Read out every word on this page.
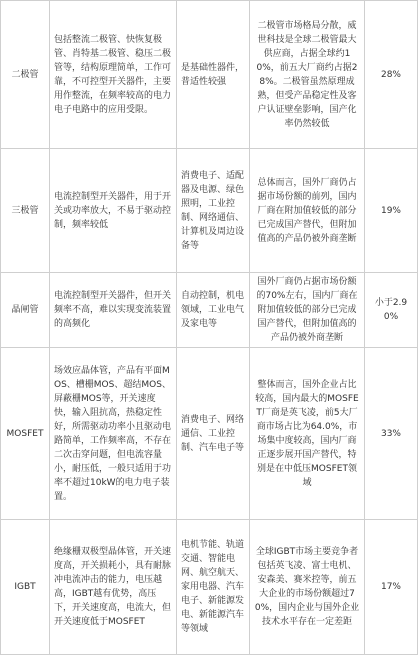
二极管	包括整流二极管、快恢复极管、肖特基二极管、稳压二极管等，结构原理简单，工作可靠，不可控型开关器件，主要用作整流，在频率较高的电力电子电路中的应用受限。	是基础性器件，普适性较强	二极管市场格局分散，威世科技是全球二极管最大供应商，占据全球约10%，前五大厂商约占据28%。二极管虽然原理成熟，但受产品稳定性及客户认证壁垒影响，国产化率仍然较低	28%
三极管	电流控制型开关器件，用于开关或功率放大，不易于驱动控制，频率较低	消费电子、适配器及电源、绿色照明，工业控制、网络通信、计算机及周边设备等	总体而言，国外厂商仍占据市场份额的前列，国内厂商在附加值较低的部分已完成国产替代，但附加值高的产品仍被外商垄断	19%
晶闸管	电流控制型开关器件，但开关频率不高，难以实现变流装置的高频化	自动控制，机电领域，工业电气及家电等	国外厂商仍占据市场份额的70%左右，国内厂商在附加值较低的部分已完成国产替代，但附加值高的产品仍被外商垄断	小于2.90%
MOSFET	场效应晶体管，产品有平面MOS、槽栅MOS、超结MOS、屏蔽栅MOS等，开关速度快，输入阻抗高，热稳定性好，所需驱动功率小且驱动电路简单，工作频率高，不存在二次击穿问题，但电流容量小，耐压低，一般只适用于功率不超过10kW的电力电子装置。	消费电子、网络通信、工业控制、汽车电子等	整体而言，国外企业占比较高，国内最大的MOSFET厂商是英飞凌，前5大厂商市场占比为64.0%，市场集中度较高，国内厂商正逐步展开国产替代，特别是在中低压MOSFET领域	33%
IGBT	绝缘栅双极型晶体管，开关速度高，开关损耗小，具有耐脉冲电流冲击的能力，电压越高，IGBT越有优势，高压下，开关速度高，电流大，但开关速度低于MOSFET	电机节能、轨道交通、智能电网、航空航天、家用电器、汽车电子、新能源发电、新能源汽车等领域	全球IGBT市场主要竞争者包括英飞凌、富士电机、安森美、赛米控等，前五大企业的市场份额超过70%，国内企业与国外企业技术水平存在一定差距	17%
